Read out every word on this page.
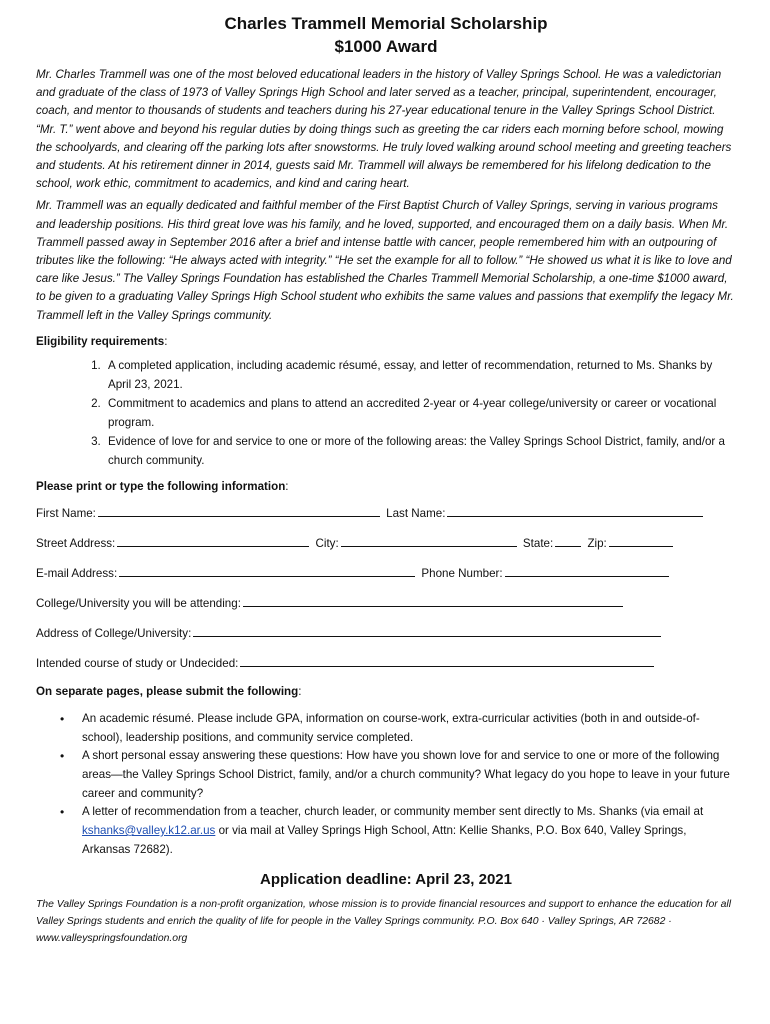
Charles Trammell Memorial Scholarship
$1000 Award

Mr. Charles Trammell was one of the most beloved educational leaders in the history of Valley Springs School. He was a valedictorian and graduate of the class of 1973 of Valley Springs High School and later served as a teacher, principal, superintendent, encourager, coach, and mentor to thousands of students and teachers during his 27-year educational tenure in the Valley Springs School District. “Mr. T.” went above and beyond his regular duties by doing things such as greeting the car riders each morning before school, mowing the schoolyards, and clearing off the parking lots after snowstorms. He truly loved walking around school meeting and greeting teachers and students. At his retirement dinner in 2014, guests said Mr. Trammell will always be remembered for his lifelong dedication to the school, work ethic, commitment to academics, and kind and caring heart.

Mr. Trammell was an equally dedicated and faithful member of the First Baptist Church of Valley Springs, serving in various programs and leadership positions. His third great love was his family, and he loved, supported, and encouraged them on a daily basis. When Mr. Trammell passed away in September 2016 after a brief and intense battle with cancer, people remembered him with an outpouring of tributes like the following: “He always acted with integrity.” “He set the example for all to follow.” “He showed us what it is like to love and care like Jesus.” The Valley Springs Foundation has established the Charles Trammell Memorial Scholarship, a one-time $1000 award, to be given to a graduating Valley Springs High School student who exhibits the same values and passions that exemplify the legacy Mr. Trammell left in the Valley Springs community.

Eligibility requirements:

1. A completed application, including academic résumé, essay, and letter of recommendation, returned to Ms. Shanks by April 23, 2021.
2. Commitment to academics and plans to attend an accredited 2-year or 4-year college/university or career or vocational program.
3. Evidence of love for and service to one or more of the following areas: the Valley Springs School District, family, and/or a church community.

Please print or type the following information:

First Name:	Last Name:
Street Address:	City:	State:	Zip:
E-mail Address:	Phone Number:
College/University you will be attending:
Address of College/University:
Intended course of study or Undecided:

On separate pages, please submit the following:

• An academic résumé. Please include GPA, information on course-work, extra-curricular activities (both in and outside-of-school), leadership positions, and community service completed.
• A short personal essay answering these questions: How have you shown love for and service to one or more of the following areas—the Valley Springs School District, family, and/or a church community? What legacy do you hope to leave in your future career and community?
• A letter of recommendation from a teacher, church leader, or community member sent directly to Ms. Shanks (via email at kshanks@valley.k12.ar.us or via mail at Valley Springs High School, Attn: Kellie Shanks, P.O. Box 640, Valley Springs, Arkansas 72682).

Application deadline: April 23, 2021

The Valley Springs Foundation is a non-profit organization, whose mission is to provide financial resources and support to enhance the education for all Valley Springs students and enrich the quality of life for people in the Valley Springs community. P.O. Box 640 · Valley Springs, AR 72682 · www.valleyspringsfoundation.org
